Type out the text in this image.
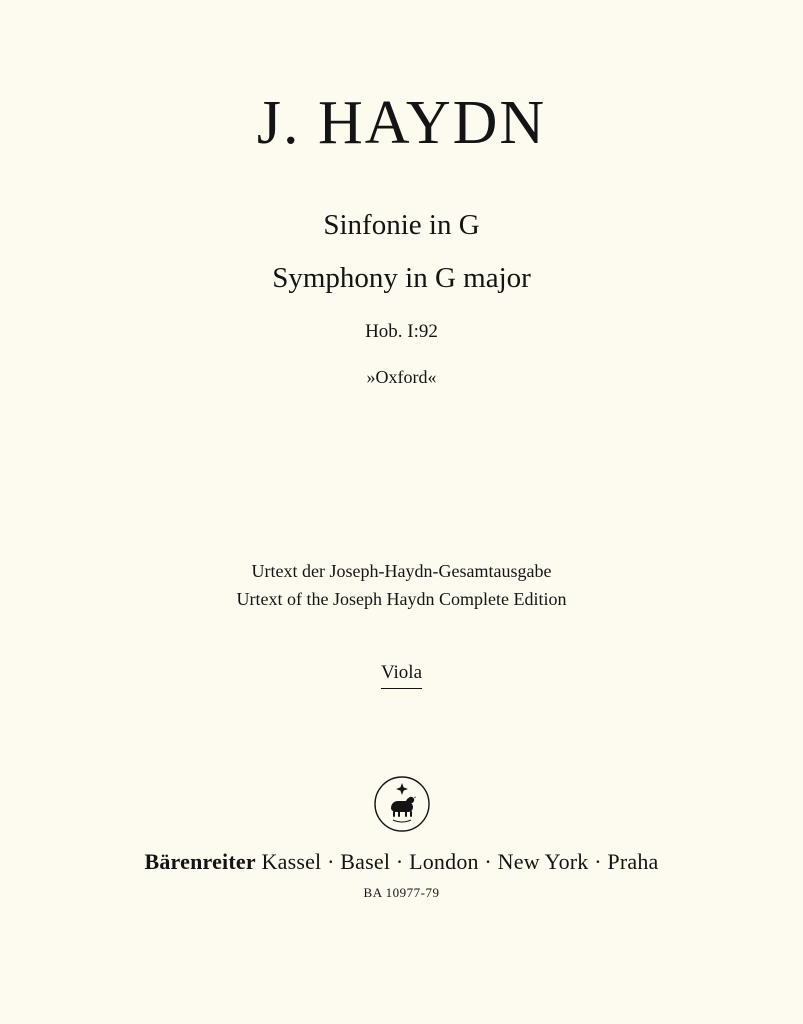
J. HAYDN
Sinfonie in G
Symphony in G major
Hob. I:92
»Oxford«
Urtext der Joseph-Haydn-Gesamtausgabe
Urtext of the Joseph Haydn Complete Edition
Viola
Bärenreiter Kassel · Basel · London · New York · Praha
BA 10977-79
